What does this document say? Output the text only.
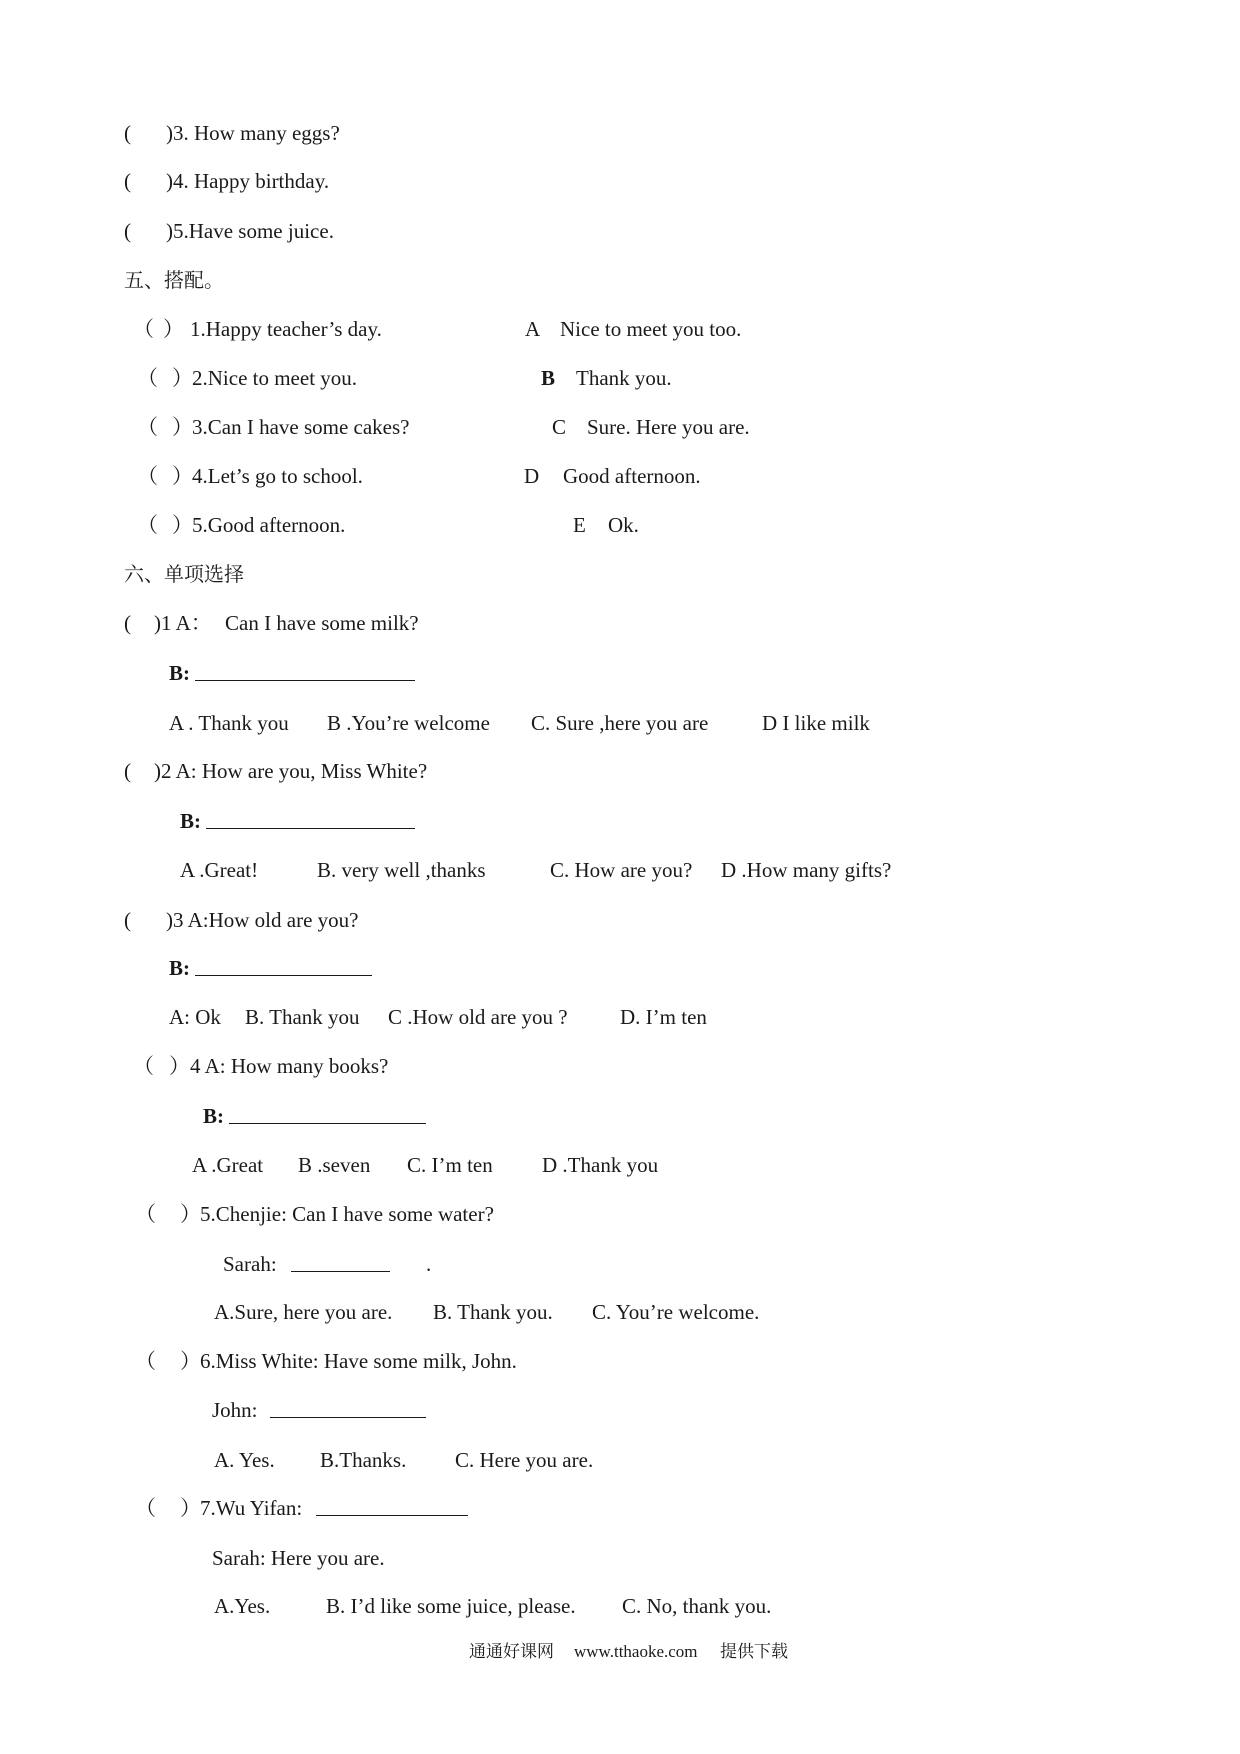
( )3. How many eggs?
( )4. Happy birthday.
( )5.Have some juice.
五、搭配。
（ ） 1.Happy teacher’s day.	A Nice to meet you too.
（ ） 2.Nice to meet you.	B Thank you.
（ ） 3.Can I have some cakes?	C Sure. Here you are.
（ ） 4.Let’s go to school.	D Good afternoon.
（ ） 5.Good afternoon.	E Ok.
六、单项选择
( )1 A： Can I have some milk?
B:
A . Thank you B .You’re welcome C. Sure ,here you are	D I like milk
( )2 A: How are you, Miss White?
B:
A .Great!	B. very well ,thanks	C. How are you? D .How many gifts?
( )3 A:How old are you?
B:
A: Ok B. Thank you C .How old are you ? D. I’m ten
（ ） 4 A: How many books?
B:
A .Great B .seven C. I’m ten D .Thank you
（ ） 5.Chenjie: Can I have some water?
Sarah:	.
A.Sure, here you are. B. Thank you. C. You’re welcome.
（ ） 6.Miss White: Have some milk, John.
John:
A. Yes. B.Thanks. C. Here you are.
（ ） 7.Wu Yifan:
Sarah: Here you are.
A.Yes.	B. I’d like some juice, please. C. No, thank you.
通通好课网 www.tthaoke.com 提供下载
